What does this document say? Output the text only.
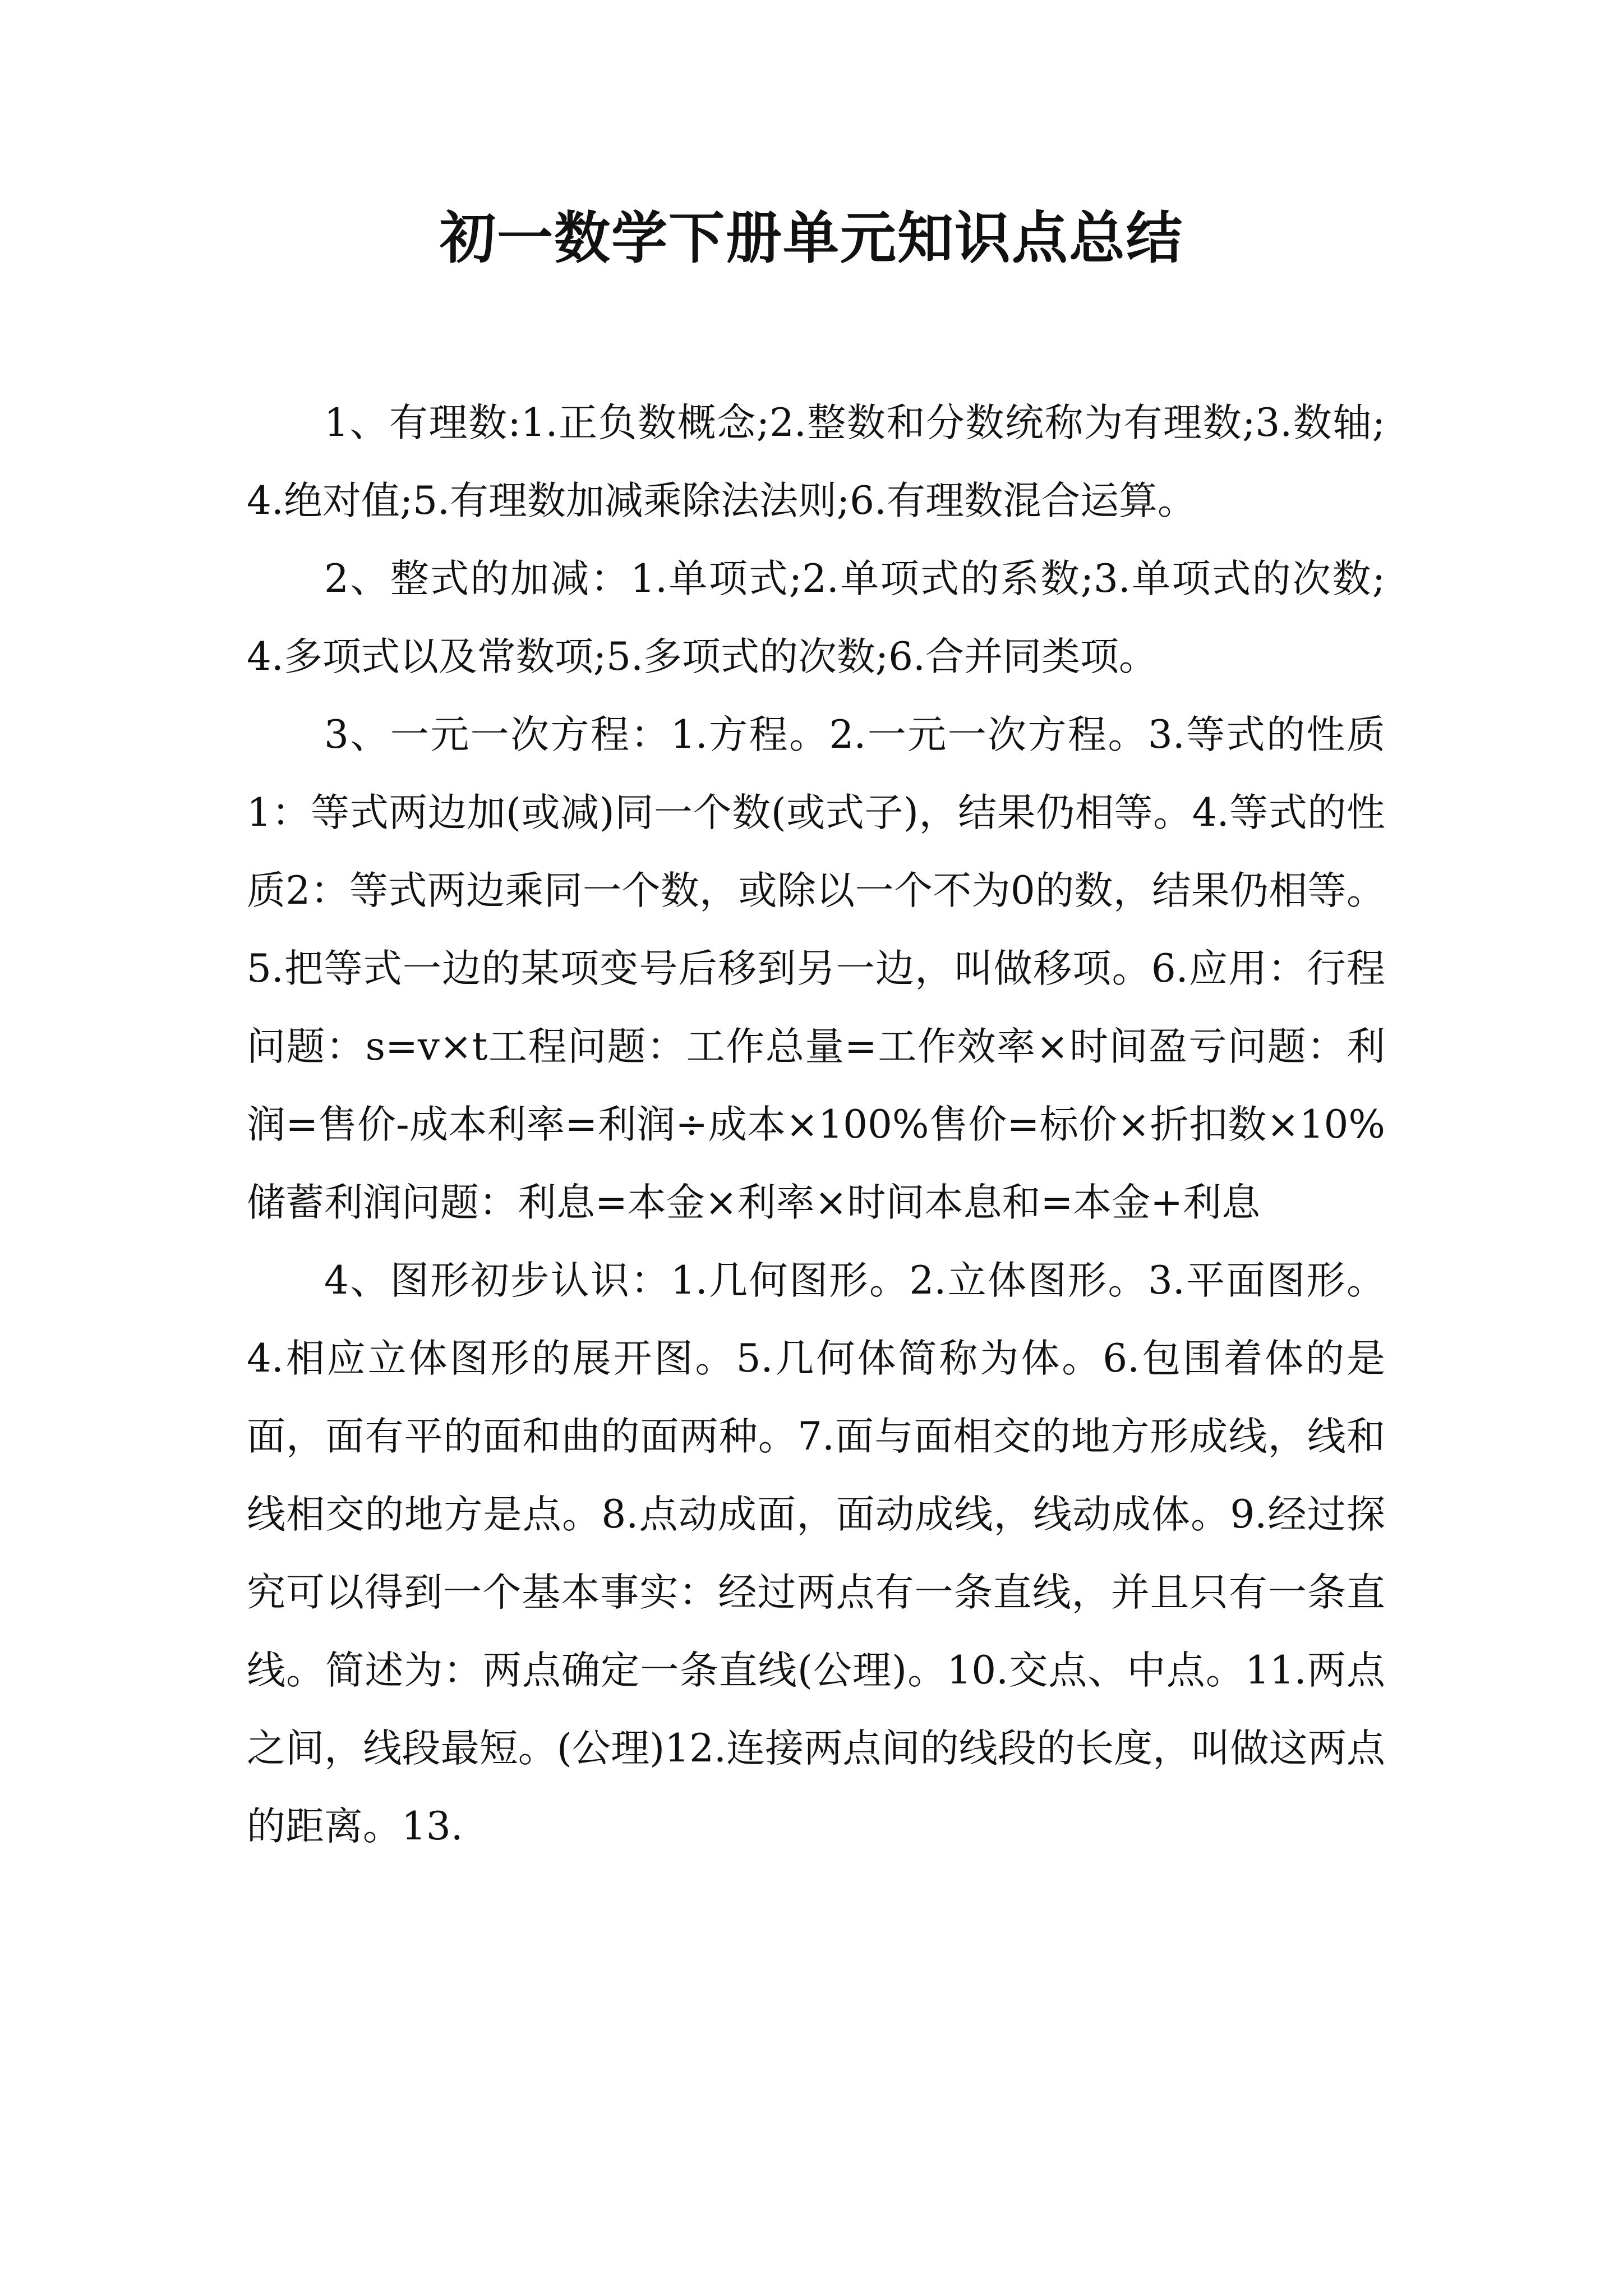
初一数学下册单元知识点总结

1、有理数:1.正负数概念;2.整数和分数统称为有理数;3.数轴;4.绝对值;5.有理数加减乘除法法则;6.有理数混合运算。

2、整式的加减：1.单项式;2.单项式的系数;3.单项式的次数;4.多项式以及常数项;5.多项式的次数;6.合并同类项。

3、一元一次方程：1.方程。2.一元一次方程。3.等式的性质1：等式两边加(或减)同一个数(或式子)，结果仍相等。4.等式的性质2：等式两边乘同一个数，或除以一个不为0的数，结果仍相等。5.把等式一边的某项变号后移到另一边，叫做移项。6.应用：行程问题：s=v×t工程问题：工作总量=工作效率×时间盈亏问题：利润=售价-成本利率=利润÷成本×100%售价=标价×折扣数×10%储蓄利润问题：利息=本金×利率×时间本息和=本金+利息

4、图形初步认识：1.几何图形。2.立体图形。3.平面图形。4.相应立体图形的展开图。5.几何体简称为体。6.包围着体的是面，面有平的面和曲的面两种。7.面与面相交的地方形成线，线和线相交的地方是点。8.点动成面，面动成线，线动成体。9.经过探究可以得到一个基本事实：经过两点有一条直线，并且只有一条直线。简述为：两点确定一条直线(公理)。10.交点、中点。11.两点之间，线段最短。(公理)12.连接两点间的线段的长度，叫做这两点的距离。13.
